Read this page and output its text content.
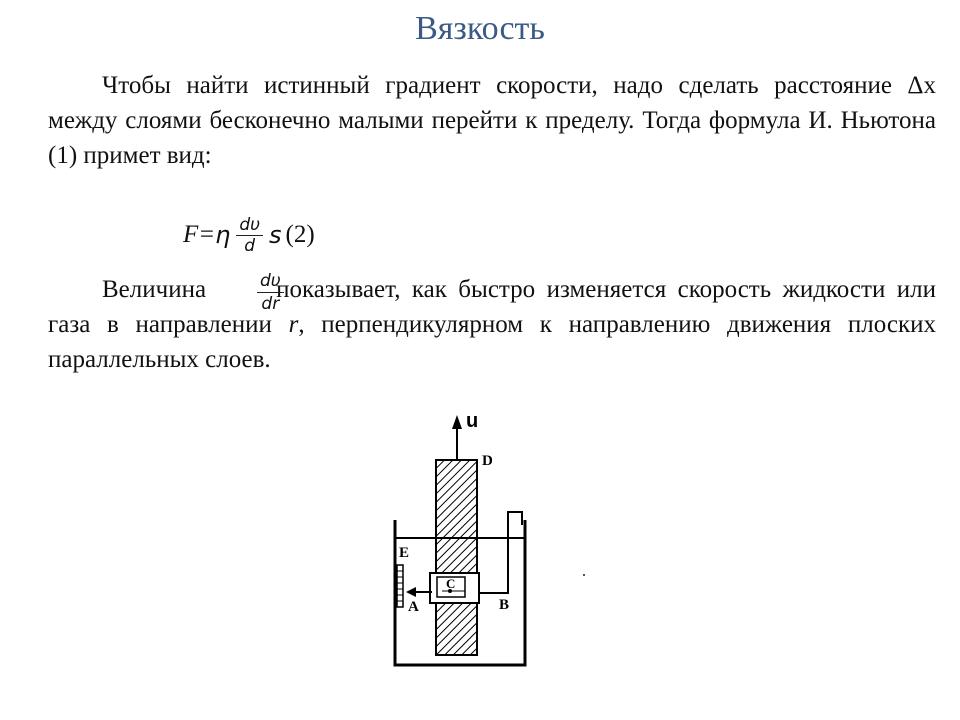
Вязкость
Чтобы найти истинный градиент скорости, надо сделать расстояние Δx между слоями бесконечно малыми перейти к пределу. Тогда формула И. Ньютона (1) примет вид:
F= η $\frac{d\upsilon}{d}$ s (2)
Величина	$\frac{d\upsilon}{dr}$
показывает, как быстро изменяется скорость жидкости или газа в направлении r, перпендикулярном к направлению движения плоских параллельных слоев.
u
D
E
C
A	B
